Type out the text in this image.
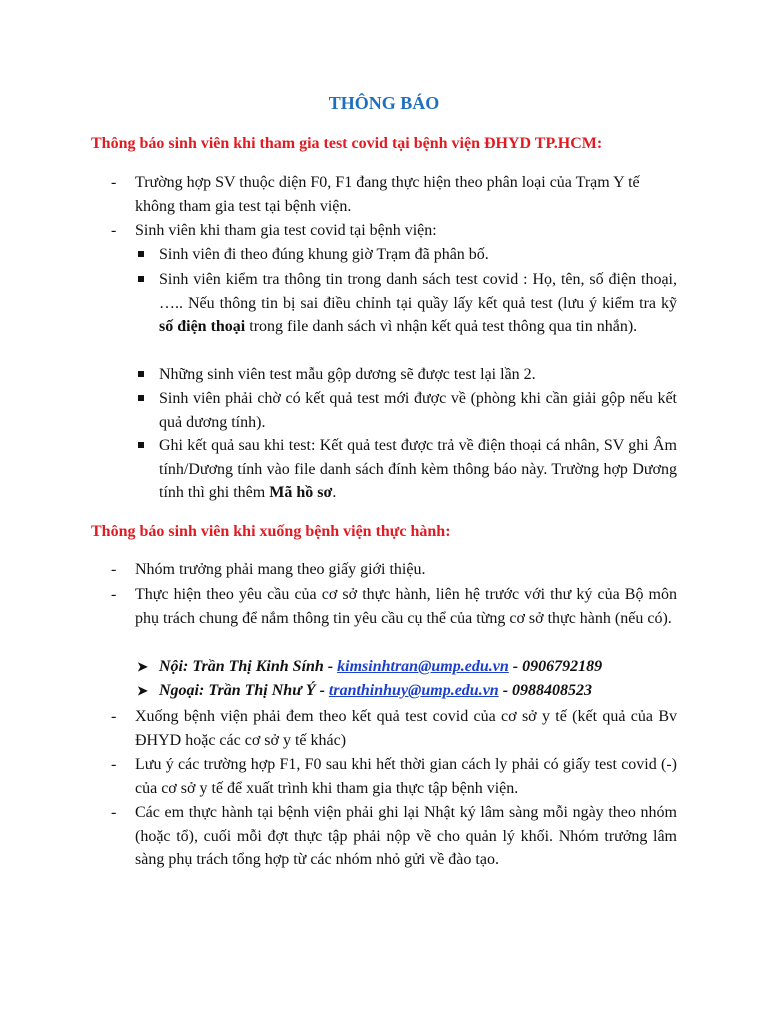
THÔNG BÁO
Thông báo sinh viên khi tham gia test covid tại bệnh viện ĐHYD TP.HCM:
- Trường hợp SV thuộc diện F0, F1 đang thực hiện theo phân loại của Trạm Y tế không tham gia test tại bệnh viện.
- Sinh viên khi tham gia test covid tại bệnh viện:
Sinh viên đi theo đúng khung giờ Trạm đã phân bố.
Sinh viên kiểm tra thông tin trong danh sách test covid : Họ, tên, số điện thoại, ….. Nếu thông tin bị sai điều chỉnh tại quầy lấy kết quả test (lưu ý kiểm tra kỹ số điện thoại trong file danh sách vì nhận kết quả test thông qua tin nhắn).
Những sinh viên test mẫu gộp dương sẽ được test lại lần 2.
Sinh viên phải chờ có kết quả test mới được về (phòng khi cần giải gộp nếu kết quả dương tính).
Ghi kết quả sau khi test: Kết quả test được trả về điện thoại cá nhân, SV ghi Âm tính/Dương tính vào file danh sách đính kèm thông báo này. Trường hợp Dương tính thì ghi thêm Mã hồ sơ.
Thông báo sinh viên khi xuống bệnh viện thực hành:
- Nhóm trưởng phải mang theo giấy giới thiệu.
- Thực hiện theo yêu cầu của cơ sở thực hành, liên hệ trước với thư ký của Bộ môn phụ trách chung để nắm thông tin yêu cầu cụ thể của từng cơ sở thực hành (nếu có).
➤ Nội: Trần Thị Kinh Sính - kimsinhtran@ump.edu.vn - 0906792189
➤ Ngoại: Trần Thị Như Ý - tranthinhuy@ump.edu.vn - 0988408523
- Xuống bệnh viện phải đem theo kết quả test covid của cơ sở y tế (kết quả của Bv ĐHYD hoặc các cơ sở y tế khác)
- Lưu ý các trường hợp F1, F0 sau khi hết thời gian cách ly phải có giấy test covid (-) của cơ sở y tế để xuất trình khi tham gia thực tập bệnh viện.
- Các em thực hành tại bệnh viện phải ghi lại Nhật ký lâm sàng mỗi ngày theo nhóm (hoặc tổ), cuối mỗi đợt thực tập phải nộp về cho quản lý khối. Nhóm trưởng lâm sàng phụ trách tổng hợp từ các nhóm nhỏ gửi về đào tạo.
